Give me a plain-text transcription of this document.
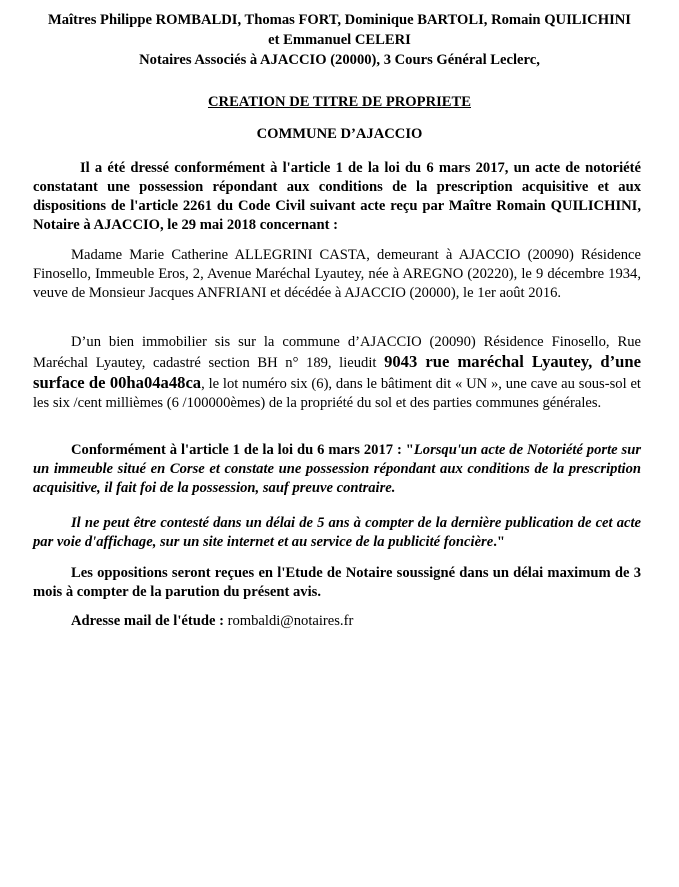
Maîtres Philippe ROMBALDI, Thomas FORT, Dominique BARTOLI, Romain QUILICHINI
et Emmanuel CELERI
Notaires Associés à AJACCIO (20000), 3 Cours Général Leclerc,
CREATION DE TITRE DE PROPRIETE
COMMUNE D’AJACCIO
Il a été dressé conformément à l'article 1 de la loi du 6 mars 2017, un acte de notoriété constatant une possession répondant aux conditions de la prescription acquisitive et aux dispositions de l'article 2261 du Code Civil suivant acte reçu par Maître Romain QUILICHINI, Notaire à AJACCIO, le 29 mai 2018 concernant :
Madame Marie Catherine ALLEGRINI CASTA, demeurant à AJACCIO (20090) Résidence Finosello, Immeuble Eros, 2, Avenue Maréchal Lyautey, née à AREGNO (20220), le 9 décembre 1934, veuve de Monsieur Jacques ANFRIANI et décédée à AJACCIO (20000), le 1er août 2016.
D’un bien immobilier sis sur la commune d’AJACCIO (20090) Résidence Finosello, Rue Maréchal Lyautey, cadastré section BH n° 189, lieudit 9043 rue maréchal Lyautey, d’une surface de 00ha04a48ca, le lot numéro six (6), dans le bâtiment dit « UN », une cave au sous-sol et les six /cent millièmes (6 /100000èmes) de la propriété du sol et des parties communes générales.
Conformément à l'article 1 de la loi du 6 mars 2017 : "Lorsqu'un acte de Notoriété porte sur un immeuble situé en Corse et constate une possession répondant aux conditions de la prescription acquisitive, il fait foi de la possession, sauf preuve contraire.
Il ne peut être contesté dans un délai de 5 ans à compter de la dernière publication de cet acte par voie d'affichage, sur un site internet et au service de la publicité foncière."
Les oppositions seront reçues en l'Etude de Notaire soussigné dans un délai maximum de 3 mois à compter de la parution du présent avis.
Adresse mail de l'étude : rombaldi@notaires.fr
